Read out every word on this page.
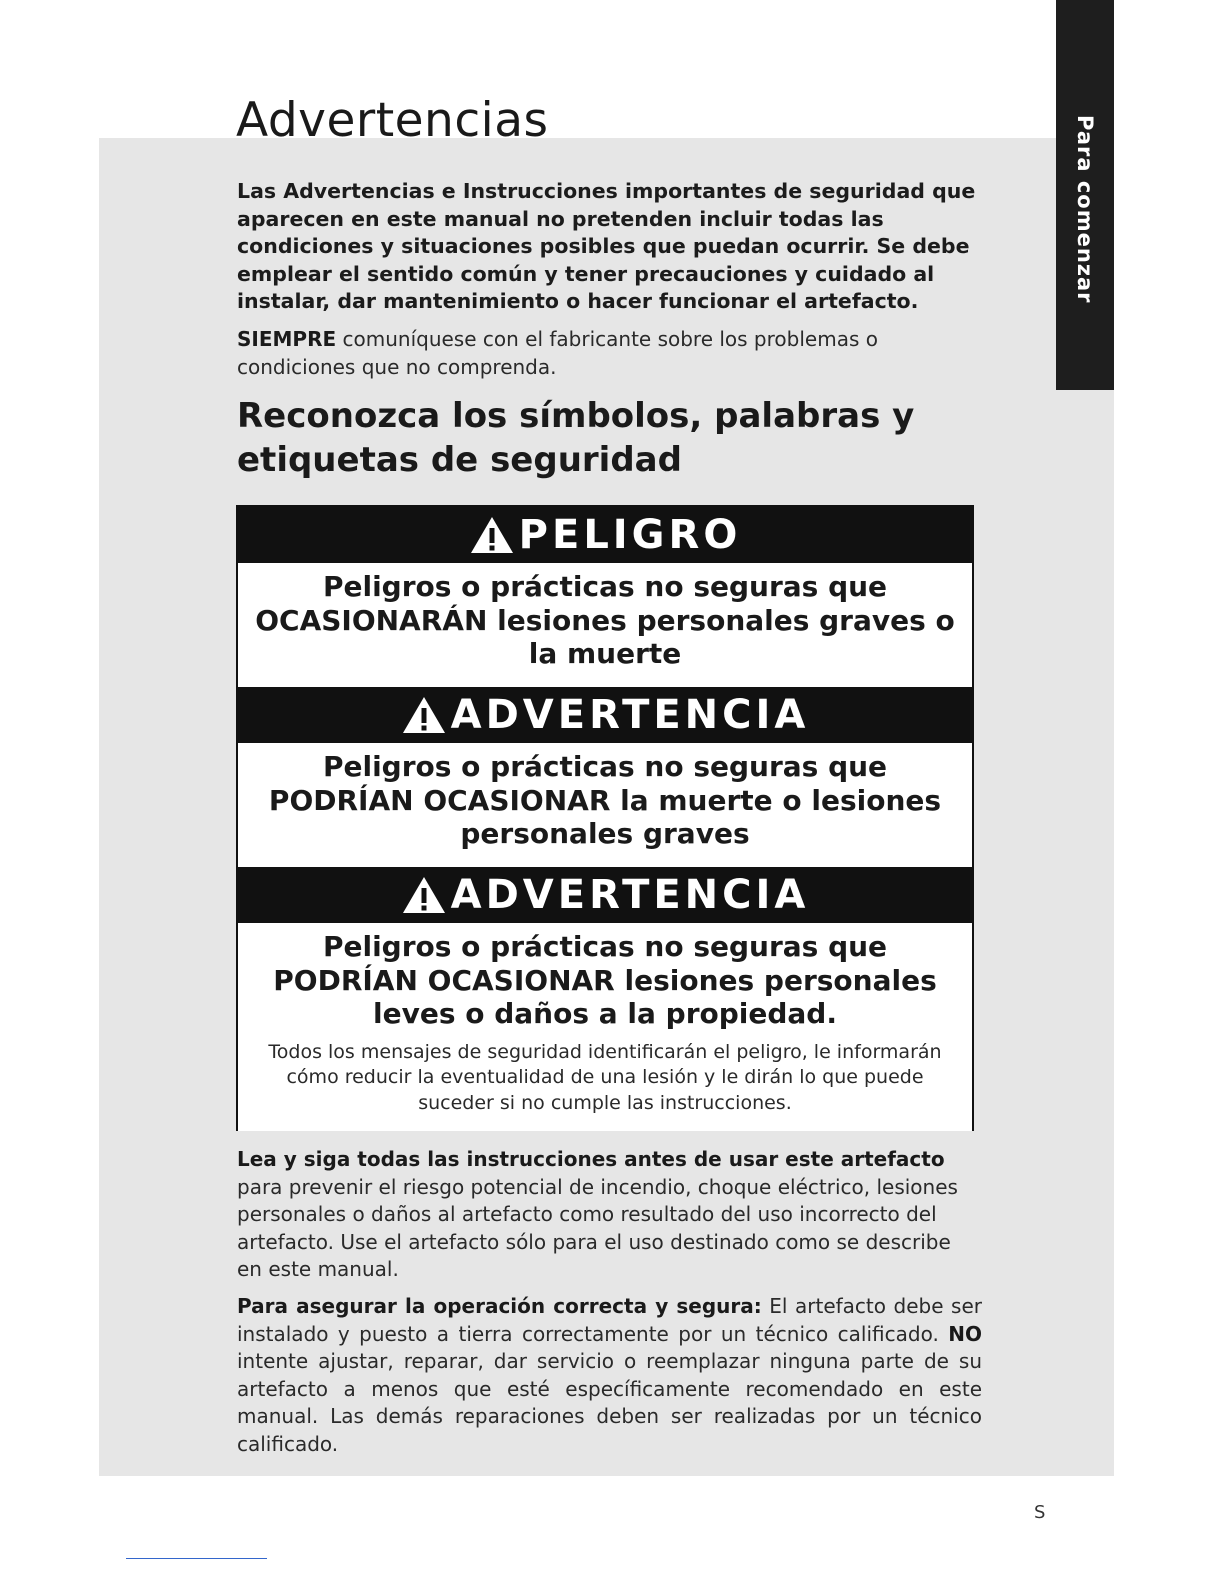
Para comenzar
Advertencias

Las Advertencias e Instrucciones importantes de seguridad que aparecen en este manual no pretenden incluir todas las condiciones y situaciones posibles que puedan ocurrir. Se debe emplear el sentido común y tener precauciones y cuidado al instalar, dar mantenimiento o hacer funcionar el artefacto.

SIEMPRE comuníquese con el fabricante sobre los problemas o condiciones que no comprenda.

Reconozca los símbolos, palabras y etiquetas de seguridad
PELIGRO
Peligros o prácticas no seguras que OCASIONARÁN lesiones personales graves o la muerte
ADVERTENCIA
Peligros o prácticas no seguras que PODRÍAN OCASIONAR la muerte o lesiones personales graves
ADVERTENCIA
Peligros o prácticas no seguras que PODRÍAN OCASIONAR lesiones personales leves o daños a la propiedad.
Todos los mensajes de seguridad identificarán el peligro, le informarán cómo reducir la eventualidad de una lesión y le dirán lo que puede suceder si no cumple las instrucciones.

Lea y siga todas las instrucciones antes de usar este artefacto para prevenir el riesgo potencial de incendio, choque eléctrico, lesiones personales o daños al artefacto como resultado del uso incorrecto del artefacto. Use el artefacto sólo para el uso destinado como se describe en este manual.

Para asegurar la operación correcta y segura: El artefacto debe ser instalado y puesto a tierra correctamente por un técnico calificado. NO intente ajustar, reparar, dar servicio o reemplazar ninguna parte de su artefacto a menos que esté específicamente recomendado en este manual. Las demás reparaciones deben ser realizadas por un técnico calificado.

S
